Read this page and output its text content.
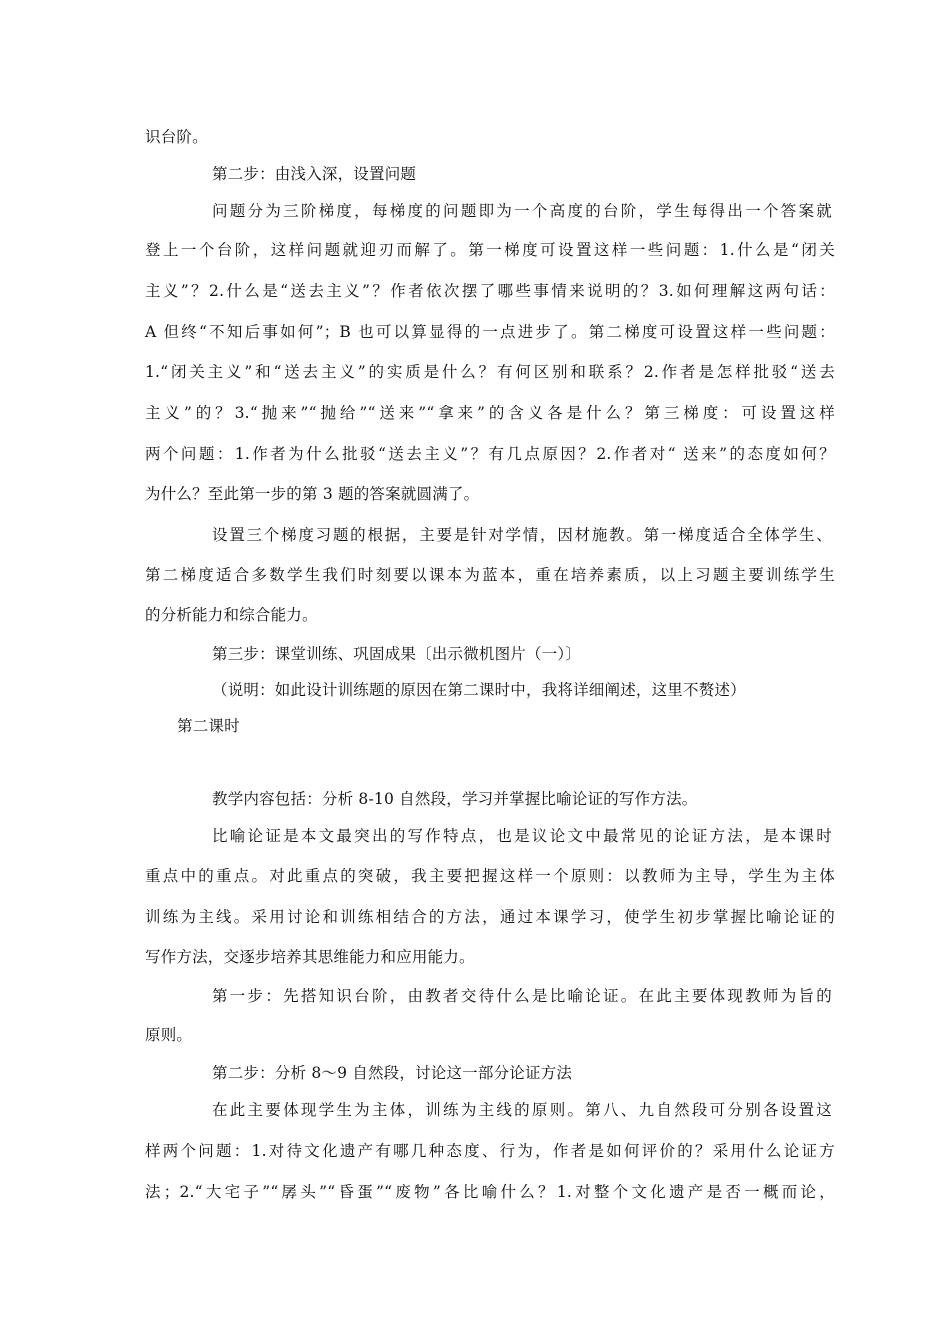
识台阶。
第二步：由浅入深，设置问题
问题分为三阶梯度，每梯度的问题即为一个高度的台阶，学生每得出一个答案就
登上一个台阶，这样问题就迎刃而解了。第一梯度可设置这样一些问题：1.什么是“闭关
主义”？2.什么是“送去主义”？作者依次摆了哪些事情来说明的？3.如何理解这两句话：
A 但终“不知后事如何”；B 也可以算显得的一点进步了。第二梯度可设置这样一些问题：
1.“闭关主义”和“送去主义”的实质是什么？有何区别和联系？2.作者是怎样批驳“送去
主义”的？3.“抛来”“抛给”“送来”“拿来”的含义各是什么？第三梯度：可设置这样
两个问题：1.作者为什么批驳“送去主义”？有几点原因？2.作者对“ 送来”的态度如何？
为什么？至此第一步的第 3 题的答案就圆满了。
设置三个梯度习题的根据，主要是针对学情，因材施教。第一梯度适合全体学生、
第二梯度适合多数学生我们时刻要以课本为蓝本，重在培养素质，以上习题主要训练学生
的分析能力和综合能力。
第三步：课堂训练、巩固成果〔出示微机图片（一）〕
（说明：如此设计训练题的原因在第二课时中，我将详细阐述，这里不赘述）
第二课时
教学内容包括：分析 8-10 自然段，学习并掌握比喻论证的写作方法。
比喻论证是本文最突出的写作特点，也是议论文中最常见的论证方法，是本课时
重点中的重点。对此重点的突破，我主要把握这样一个原则：以教师为主导，学生为主体
训练为主线。采用讨论和训练相结合的方法，通过本课学习，使学生初步掌握比喻论证的
写作方法，交逐步培养其思维能力和应用能力。
第一步：先搭知识台阶，由教者交待什么是比喻论证。在此主要体现教师为旨的
原则。
第二步：分析 8～9 自然段，讨论这一部分论证方法
在此主要体现学生为主体，训练为主线的原则。第八、九自然段可分别各设置这
样两个问题：1.对待文化遗产有哪几种态度、行为，作者是如何评价的？采用什么论证方
法；2.“大宅子”“孱头”“昏蛋”“废物”各比喻什么？1.对整个文化遗产是否一概而论，
